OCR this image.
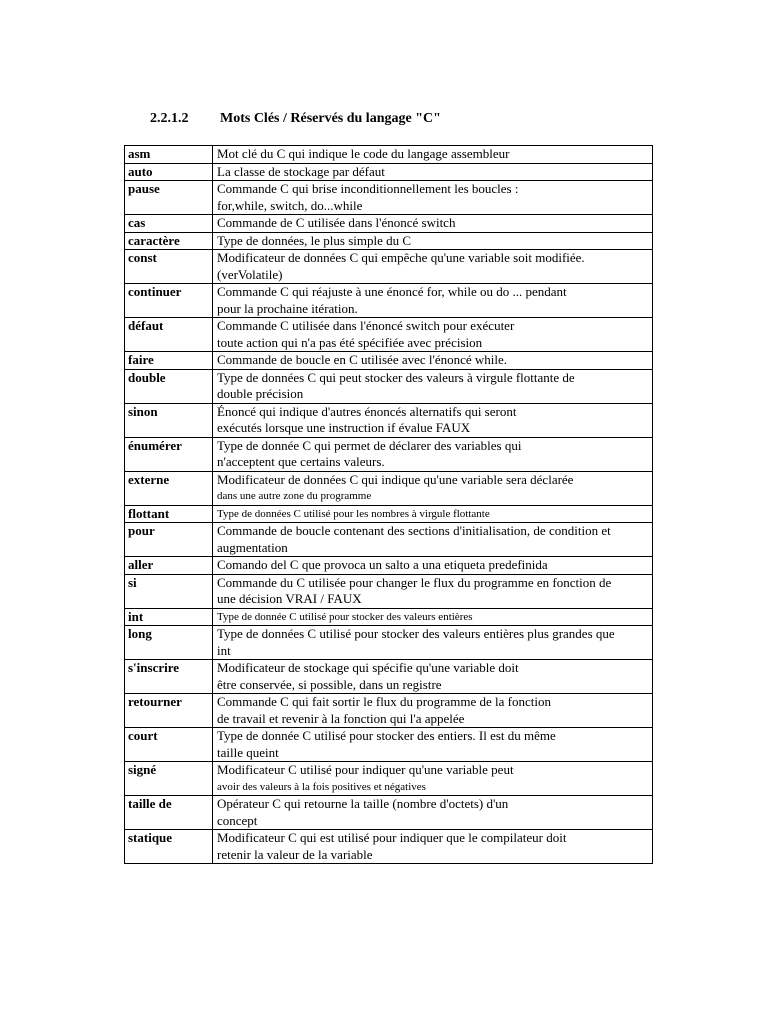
2.2.1.2 Mots Clés / Réservés du langage "C"
asm	Mot clé du C qui indique le code du langage assembleur

auto	La classe de stockage par défaut

pause	Commande C qui brise inconditionnellement les boucles :
for,while, switch, do...while

cas	Commande de C utilisée dans l'énoncé switch

caractère	Type de données, le plus simple du C

const	Modificateur de données C qui empêche qu'une variable soit modifiée.
(verVolatile)

continuer	Commande C qui réajuste à une énoncé for, while ou do ... pendant
pour la prochaine itération.

défaut	Commande C utilisée dans l'énoncé switch pour exécuter
toute action qui n'a pas été spécifiée avec précision

faire	Commande de boucle en C utilisée avec l'énoncé while.

double	Type de données C qui peut stocker des valeurs à virgule flottante de
double précision

sinon	Énoncé qui indique d'autres énoncés alternatifs qui seront
exécutés lorsque une instruction if évalue FAUX

énumérer	Type de donnée C qui permet de déclarer des variables qui
n'acceptent que certains valeurs.

externe	Modificateur de données C qui indique qu'une variable sera déclarée
dans une autre zone du programme

flottant	Type de données C utilisé pour les nombres à virgule flottante

pour	Commande de boucle contenant des sections d'initialisation, de condition et
augmentation

aller	Comando del C que provoca un salto a una etiqueta predefinida

si	Commande du C utilisée pour changer le flux du programme en fonction de
une décision VRAI / FAUX

int	Type de donnée C utilisé pour stocker des valeurs entières

long	Type de données C utilisé pour stocker des valeurs entières plus grandes que
int

s'inscrire	Modificateur de stockage qui spécifie qu'une variable doit
être conservée, si possible, dans un registre

retourner	Commande C qui fait sortir le flux du programme de la fonction
de travail et revenir à la fonction qui l'a appelée

court	Type de donnée C utilisé pour stocker des entiers. Il est du même
taille queint

signé	Modificateur C utilisé pour indiquer qu'une variable peut
avoir des valeurs à la fois positives et négatives

taille de	Opérateur C qui retourne la taille (nombre d'octets) d'un
concept

statique	Modificateur C qui est utilisé pour indiquer que le compilateur doit
retenir la valeur de la variable
